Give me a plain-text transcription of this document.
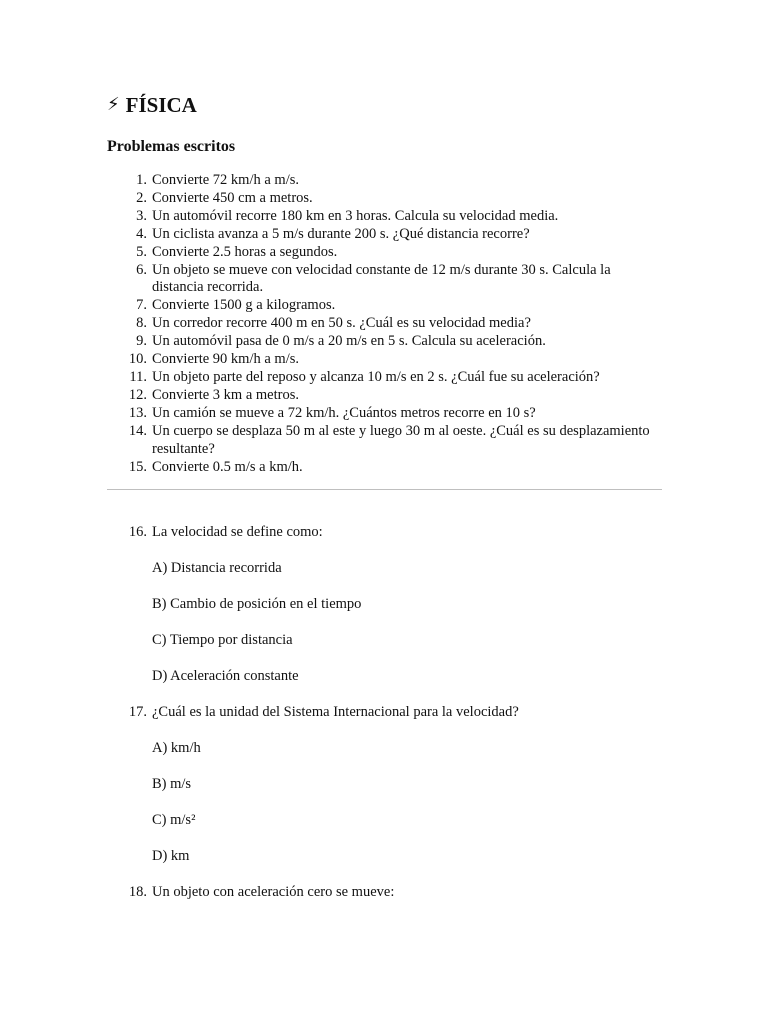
⚡ FÍSICA
Problemas escritos
1. Convierte 72 km/h a m/s.
2. Convierte 450 cm a metros.
3. Un automóvil recorre 180 km en 3 horas. Calcula su velocidad media.
4. Un ciclista avanza a 5 m/s durante 200 s. ¿Qué distancia recorre?
5. Convierte 2.5 horas a segundos.
6. Un objeto se mueve con velocidad constante de 12 m/s durante 30 s. Calcula la distancia recorrida.
7. Convierte 1500 g a kilogramos.
8. Un corredor recorre 400 m en 50 s. ¿Cuál es su velocidad media?
9. Un automóvil pasa de 0 m/s a 20 m/s en 5 s. Calcula su aceleración.
10. Convierte 90 km/h a m/s.
11. Un objeto parte del reposo y alcanza 10 m/s en 2 s. ¿Cuál fue su aceleración?
12. Convierte 3 km a metros.
13. Un camión se mueve a 72 km/h. ¿Cuántos metros recorre en 10 s?
14. Un cuerpo se desplaza 50 m al este y luego 30 m al oeste. ¿Cuál es su desplazamiento resultante?
15. Convierte 0.5 m/s a km/h.
16. La velocidad se define como:
A) Distancia recorrida
B) Cambio de posición en el tiempo
C) Tiempo por distancia
D) Aceleración constante
17. ¿Cuál es la unidad del Sistema Internacional para la velocidad?
A) km/h
B) m/s
C) m/s²
D) km
18. Un objeto con aceleración cero se mueve:
